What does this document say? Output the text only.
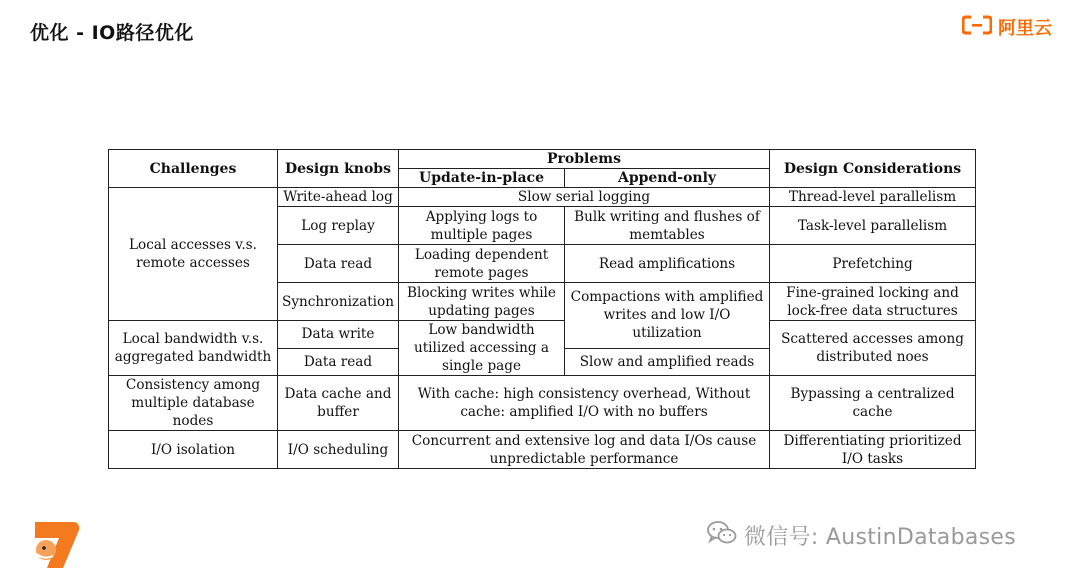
优化 - IO路径优化	阿里云
Challenges	Design knobs	Problems		Design Considerations
		Update-in-place	Append-only	
Local accesses v.s. remote accesses	Write-ahead log	Slow serial logging		Thread-level parallelism
	Log replay	Applying logs to multiple pages	Bulk writing and flushes of memtables	Task-level parallelism
	Data read	Loading dependent remote pages	Read amplifications	Prefetching
	Synchronization	Blocking writes while updating pages	Compactions with amplified writes and low I/O utilization	Fine-grained locking and lock-free data structures
Local bandwidth v.s. aggregated bandwidth	Data write	Low bandwidth utilized accessing a single page		Scattered accesses among distributed noes
	Data read		Slow and amplified reads	
Consistency among multiple database nodes	Data cache and buffer	With cache: high consistency overhead, Without cache: amplified I/O with no buffers		Bypassing a centralized cache
I/O isolation	I/O scheduling	Concurrent and extensive log and data I/Os cause unpredictable performance		Differentiating prioritized I/O tasks
微信号: AustinDatabases
